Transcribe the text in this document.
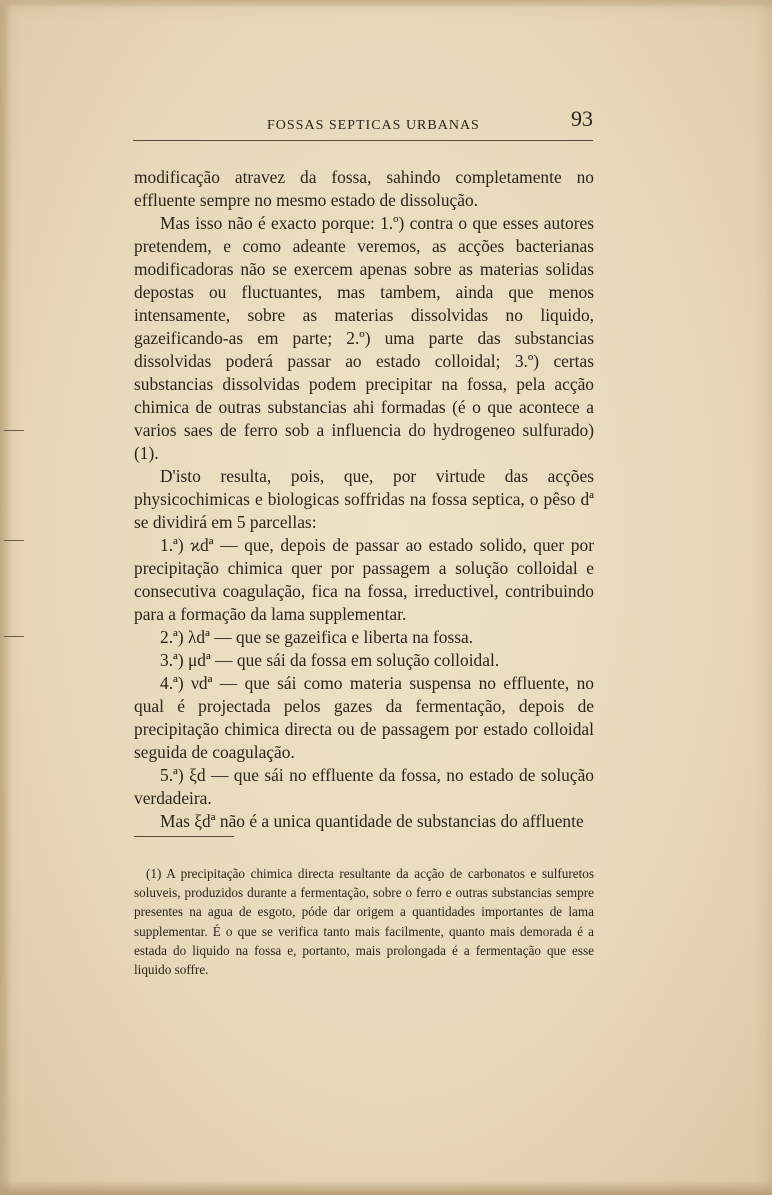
FOSSAS SEPTICAS URBANAS	93

modificação atravez da fossa, sahindo completamente no effluente sempre no mesmo estado de dissolução.

Mas isso não é exacto porque: 1.º) contra o que esses autores pretendem, e como adeante veremos, as acções bacterianas modificadoras não se exercem apenas sobre as materias solidas depostas ou fluctuantes, mas tambem, ainda que menos intensamente, sobre as materias dissolvidas no liquido, gazeificando-as em parte; 2.º) uma parte das substancias dissolvidas poderá passar ao estado colloidal; 3.º) certas substancias dissolvidas podem precipitar na fossa, pela acção chimica de outras substancias ahi formadas (é o que acontece a varios saes de ferro sob a influencia do hydrogeneo sulfurado) (1).

D'isto resulta, pois, que, por virtude das acções physicochimicas e biologicas soffridas na fossa septica, o pêso dª se dividirá em 5 parcellas:

1.ª) ϰdª — que, depois de passar ao estado solido, quer por precipitação chimica quer por passagem a solução colloidal e consecutiva coagulação, fica na fossa, irreductivel, contribuindo para a formação da lama supplementar.

2.ª) λdª — que se gazeifica e liberta na fossa.

3.ª) μdª — que sái da fossa em solução colloidal.

4.ª) νdª — que sái como materia suspensa no effluente, no qual é projectada pelos gazes da fermentação, depois de precipitação chimica directa ou de passagem por estado colloidal seguida de coagulação.

5.ª) ξd — que sái no effluente da fossa, no estado de solução verdadeira.

Mas ξdª não é a unica quantidade de substancias do affluente

(1) A precipitação chimica directa resultante da acção de carbonatos e sulfuretos soluveis, produzidos durante a fermentação, sobre o ferro e outras substancias sempre presentes na agua de esgoto, póde dar origem a quantidades importantes de lama supplementar. É o que se verifica tanto mais facilmente, quanto mais demorada é a estada do liquido na fossa e, portanto, mais prolongada é a fermentação que esse liquido soffre.
